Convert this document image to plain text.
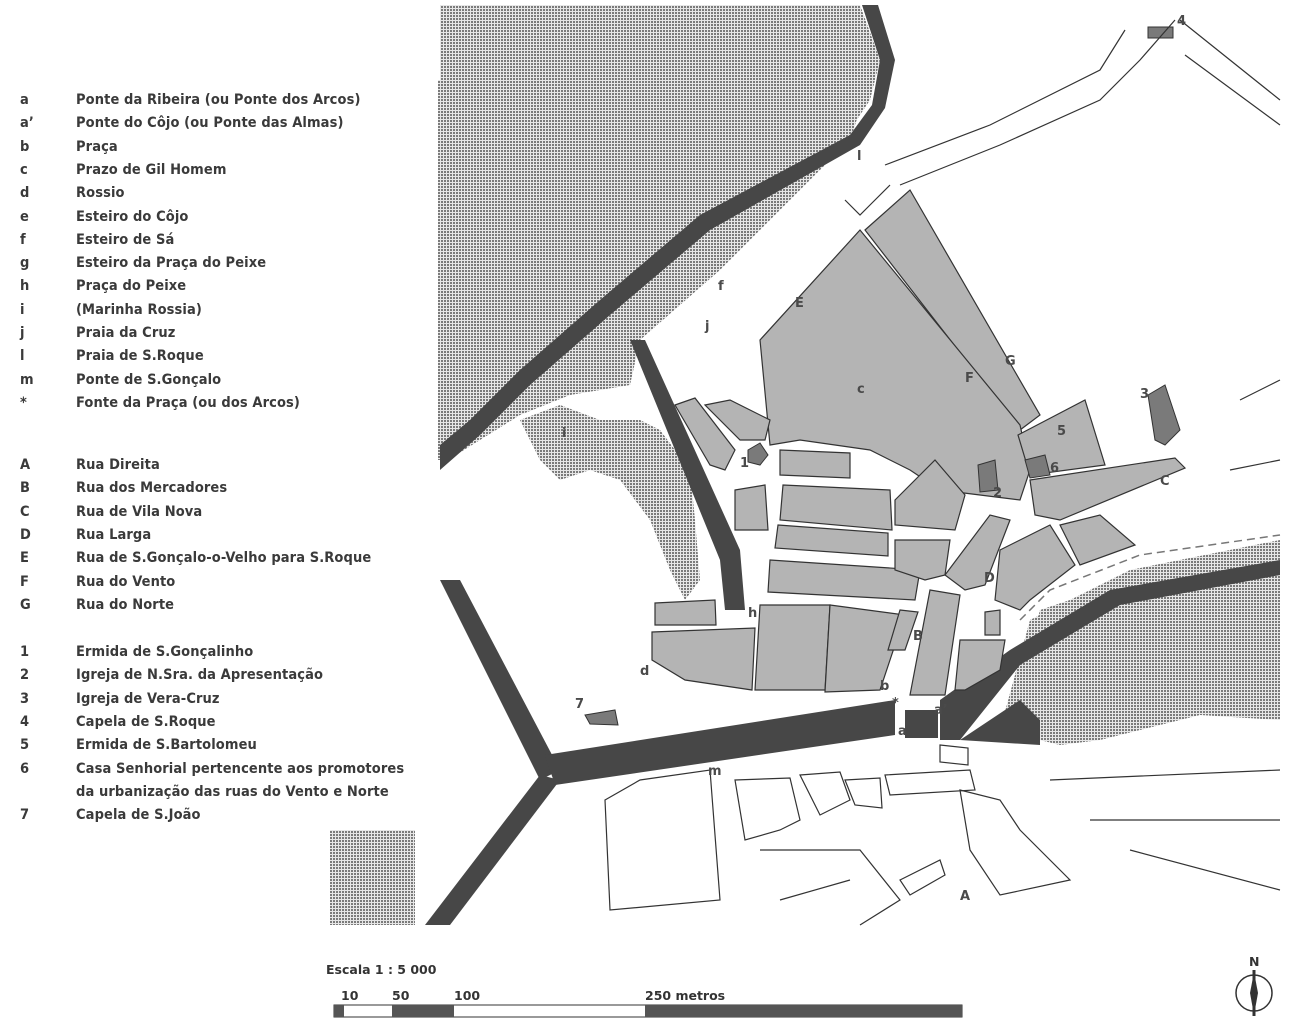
c
d
h
b
*
a
a’
l
f
j
E
G
F
C
D
B
A
i
1
2
3
4
5
6
7
m
Escala 1 : 5 000
10	50	100	250 metros
N
a	Ponte da Ribeira (ou Ponte dos Arcos)
a’	Ponte do Côjo (ou Ponte das Almas)
b	Praça
c	Prazo de Gil Homem
d	Rossio
e	Esteiro do Côjo
f	Esteiro de Sá
g	Esteiro da Praça do Peixe
h	Praça do Peixe
i	(Marinha Rossia)
j	Praia da Cruz
l	Praia de S.Roque
m	Ponte de S.Gonçalo
*	Fonte da Praça (ou dos Arcos)
A	Rua Direita
B	Rua dos Mercadores
C	Rua de Vila Nova
D	Rua Larga
E	Rua de S.Gonçalo-o-Velho para S.Roque
F	Rua do Vento
G	Rua do Norte
1	Ermida de S.Gonçalinho
2	Igreja de N.Sra. da Apresentação
3	Igreja de Vera-Cruz
4	Capela de S.Roque
5	Ermida de S.Bartolomeu
6	Casa Senhorial pertencente aos promotores
da urbanização das ruas do Vento e Norte
7	Capela de S.João
